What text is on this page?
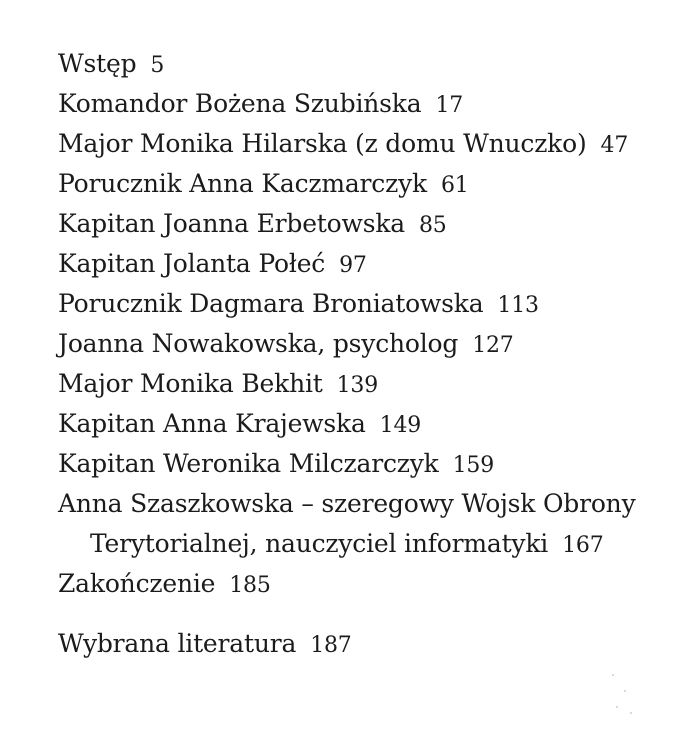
Wstęp 5
Komandor Bożena Szubińska 17
Major Monika Hilarska (z domu Wnuczko) 47
Porucznik Anna Kaczmarczyk 61
Kapitan Joanna Erbetowska 85
Kapitan Jolanta Połeć 97
Porucznik Dagmara Broniatowska 113
Joanna Nowakowska, psycholog 127
Major Monika Bekhit 139
Kapitan Anna Krajewska 149
Kapitan Weronika Milczarczyk 159
Anna Szaszkowska – szeregowy Wojsk Obrony
Terytorialnej, nauczyciel informatyki 167
Zakończenie 185
Wybrana literatura 187
